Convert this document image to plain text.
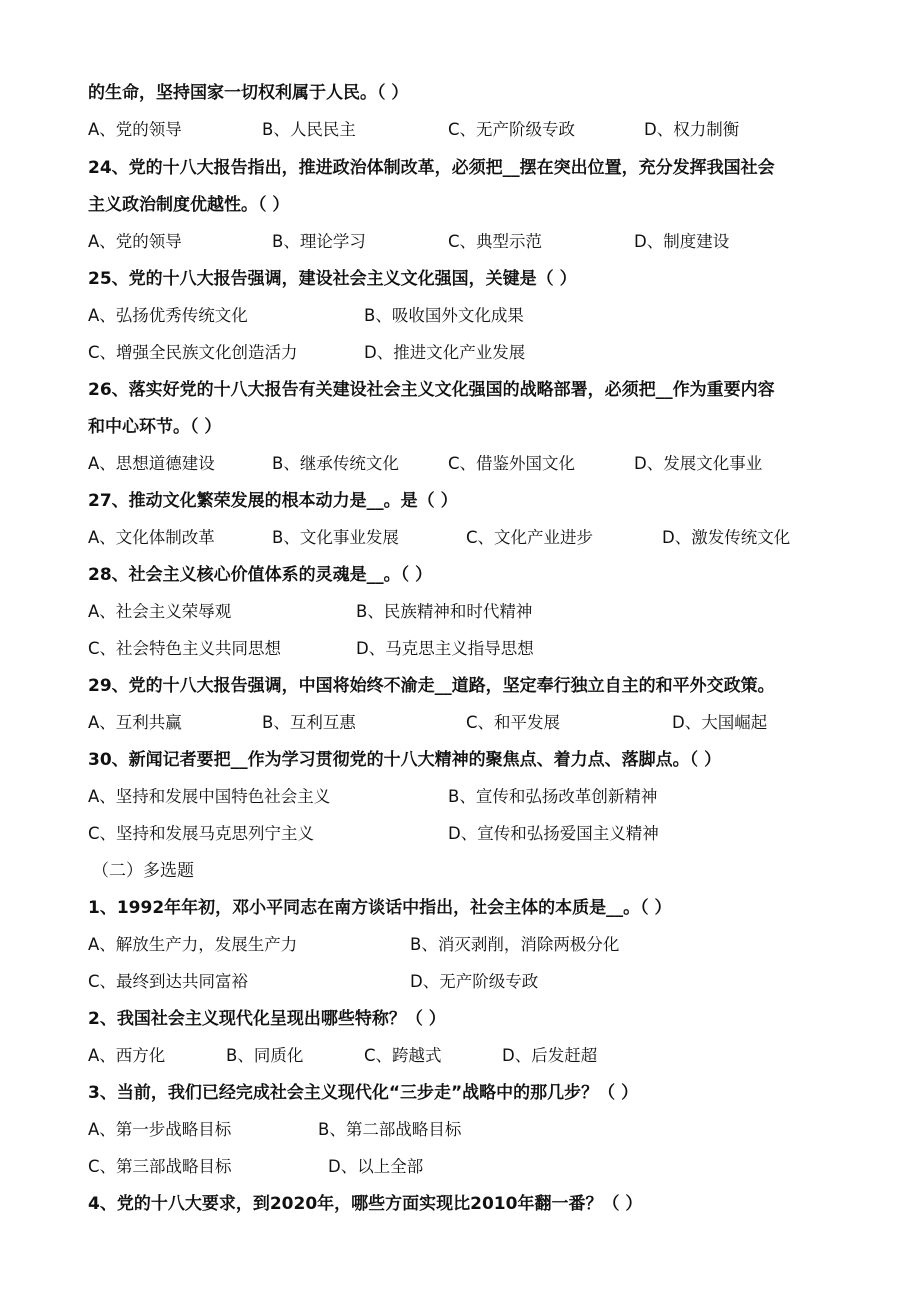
的生命，坚持国家一切权利属于人民。（ ）
A、党的领导	B、人民民主	C、无产阶级专政	D、权力制衡
24、党的十八大报告指出，推进政治体制改革，必须把__摆在突出位置，充分发挥我国社会
主义政治制度优越性。（ ）
A、党的领导	B、理论学习	C、典型示范	D、制度建设
25、党的十八大报告强调，建设社会主义文化强国，关键是（ ）
A、弘扬优秀传统文化	B、吸收国外文化成果
C、增强全民族文化创造活力	D、推进文化产业发展
26、落实好党的十八大报告有关建设社会主义文化强国的战略部署，必须把__作为重要内容
和中心环节。（ ）
A、思想道德建设	B、继承传统文化	C、借鉴外国文化	D、发展文化事业
27、推动文化繁荣发展的根本动力是__。是（ ）
A、文化体制改革	B、文化事业发展	C、文化产业进步	D、激发传统文化
28、社会主义核心价值体系的灵魂是__。（ ）
A、社会主义荣辱观	B、民族精神和时代精神
C、社会特色主义共同思想	D、马克思主义指导思想
29、党的十八大报告强调，中国将始终不渝走__道路，坚定奉行独立自主的和平外交政策。
A、互利共赢	B、互利互惠	C、和平发展	D、大国崛起
30、新闻记者要把__作为学习贯彻党的十八大精神的聚焦点、着力点、落脚点。（ ）
A、坚持和发展中国特色社会主义	B、宣传和弘扬改革创新精神
C、坚持和发展马克思列宁主义	D、宣传和弘扬爱国主义精神
（二）多选题
1、1992年年初，邓小平同志在南方谈话中指出，社会主体的本质是__。（ ）
A、解放生产力，发展生产力	B、消灭剥削，消除两极分化
C、最终到达共同富裕	D、无产阶级专政
2、我国社会主义现代化呈现出哪些特称？（ ）
A、西方化	B、同质化	C、跨越式	D、后发赶超
3、当前，我们已经完成社会主义现代化“三步走”战略中的那几步？（ ）
A、第一步战略目标	B、第二部战略目标
C、第三部战略目标	D、以上全部
4、党的十八大要求，到2020年，哪些方面实现比2010年翻一番？（ ）
